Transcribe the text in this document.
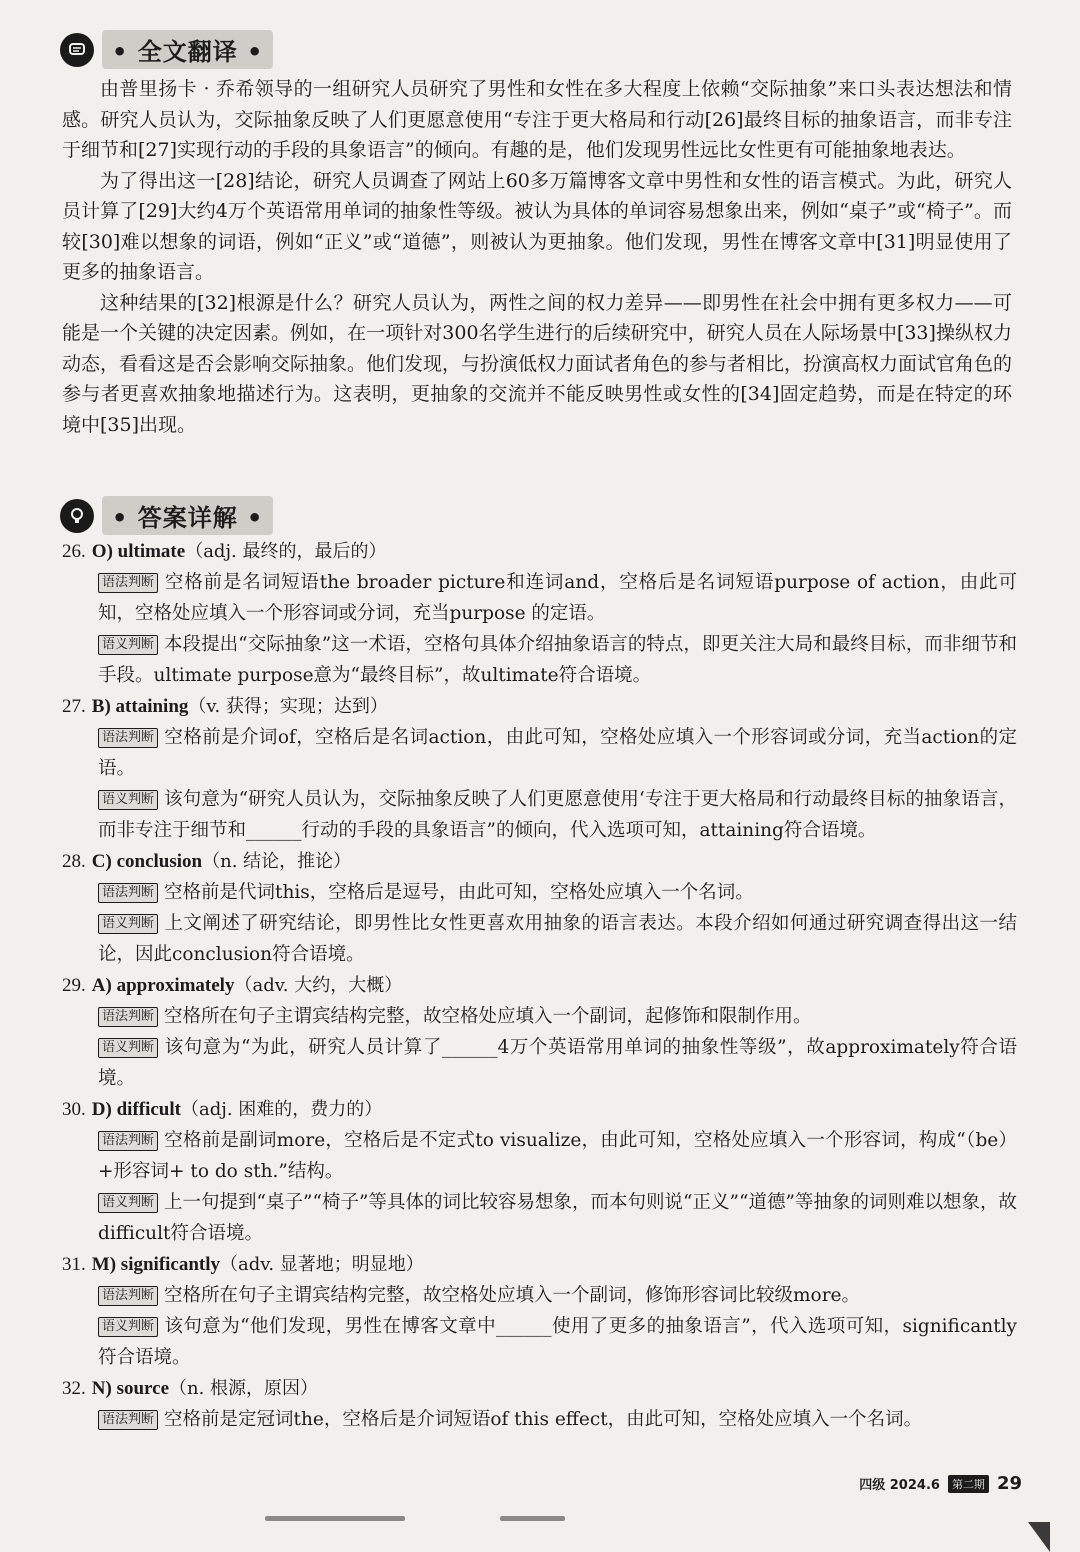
• 全文翻译 •

由普里扬卡 · 乔希领导的一组研究人员研究了男性和女性在多大程度上依赖“交际抽象”来口头表达想法和情感。研究人员认为，交际抽象反映了人们更愿意使用“专注于更大格局和行动[26]最终目标的抽象语言，而非专注于细节和[27]实现行动的手段的具象语言”的倾向。有趣的是，他们发现男性远比女性更有可能抽象地表达。

为了得出这一[28]结论，研究人员调查了网站上60多万篇博客文章中男性和女性的语言模式。为此，研究人员计算了[29]大约4万个英语常用单词的抽象性等级。被认为具体的单词容易想象出来，例如“桌子”或“椅子”。而较[30]难以想象的词语，例如“正义”或“道德”，则被认为更抽象。他们发现，男性在博客文章中[31]明显使用了更多的抽象语言。

这种结果的[32]根源是什么？研究人员认为，两性之间的权力差异——即男性在社会中拥有更多权力——可能是一个关键的决定因素。例如，在一项针对300名学生进行的后续研究中，研究人员在人际场景中[33]操纵权力动态，看看这是否会影响交际抽象。他们发现，与扮演低权力面试者角色的参与者相比，扮演高权力面试官角色的参与者更喜欢抽象地描述行为。这表明，更抽象的交流并不能反映男性或女性的[34]固定趋势，而是在特定的环境中[35]出现。

• 答案详解 •
26. O) ultimate（adj. 最终的，最后的）

语法判断 空格前是名词短语the broader picture和连词and，空格后是名词短语purpose of action，由此可知，空格处应填入一个形容词或分词，充当purpose 的定语。

语义判断 本段提出“交际抽象”这一术语，空格句具体介绍抽象语言的特点，即更关注大局和最终目标，而非细节和手段。ultimate purpose意为“最终目标”，故ultimate符合语境。

27. B) attaining（v. 获得；实现；达到）

语法判断 空格前是介词of，空格后是名词action，由此可知，空格处应填入一个形容词或分词，充当action的定语。

语义判断 该句意为“研究人员认为，交际抽象反映了人们更愿意使用‘专注于更大格局和行动最终目标的抽象语言，而非专注于细节和______行动的手段的具象语言”的倾向，代入选项可知，attaining符合语境。

28. C) conclusion（n. 结论，推论）

语法判断 空格前是代词this，空格后是逗号，由此可知，空格处应填入一个名词。

语义判断 上文阐述了研究结论，即男性比女性更喜欢用抽象的语言表达。本段介绍如何通过研究调查得出这一结论，因此conclusion符合语境。

29. A) approximately（adv. 大约，大概）

语法判断 空格所在句子主谓宾结构完整，故空格处应填入一个副词，起修饰和限制作用。

语义判断 该句意为“为此，研究人员计算了______4万个英语常用单词的抽象性等级”，故approximately符合语境。

30. D) difficult（adj. 困难的，费力的）

语法判断 空格前是副词more，空格后是不定式to visualize，由此可知，空格处应填入一个形容词，构成“（be）+形容词+ to do sth.”结构。

语义判断 上一句提到“桌子”“椅子”等具体的词比较容易想象，而本句则说“正义”“道德”等抽象的词则难以想象，故difficult符合语境。

31. M) significantly（adv. 显著地；明显地）

语法判断 空格所在句子主谓宾结构完整，故空格处应填入一个副词，修饰形容词比较级more。

语义判断 该句意为“他们发现，男性在博客文章中______使用了更多的抽象语言”，代入选项可知，significantly符合语境。

32. N) source（n. 根源，原因）

语法判断 空格前是定冠词the，空格后是介词短语of this effect，由此可知，空格处应填入一个名词。

四级 2024.6	第二期 29
